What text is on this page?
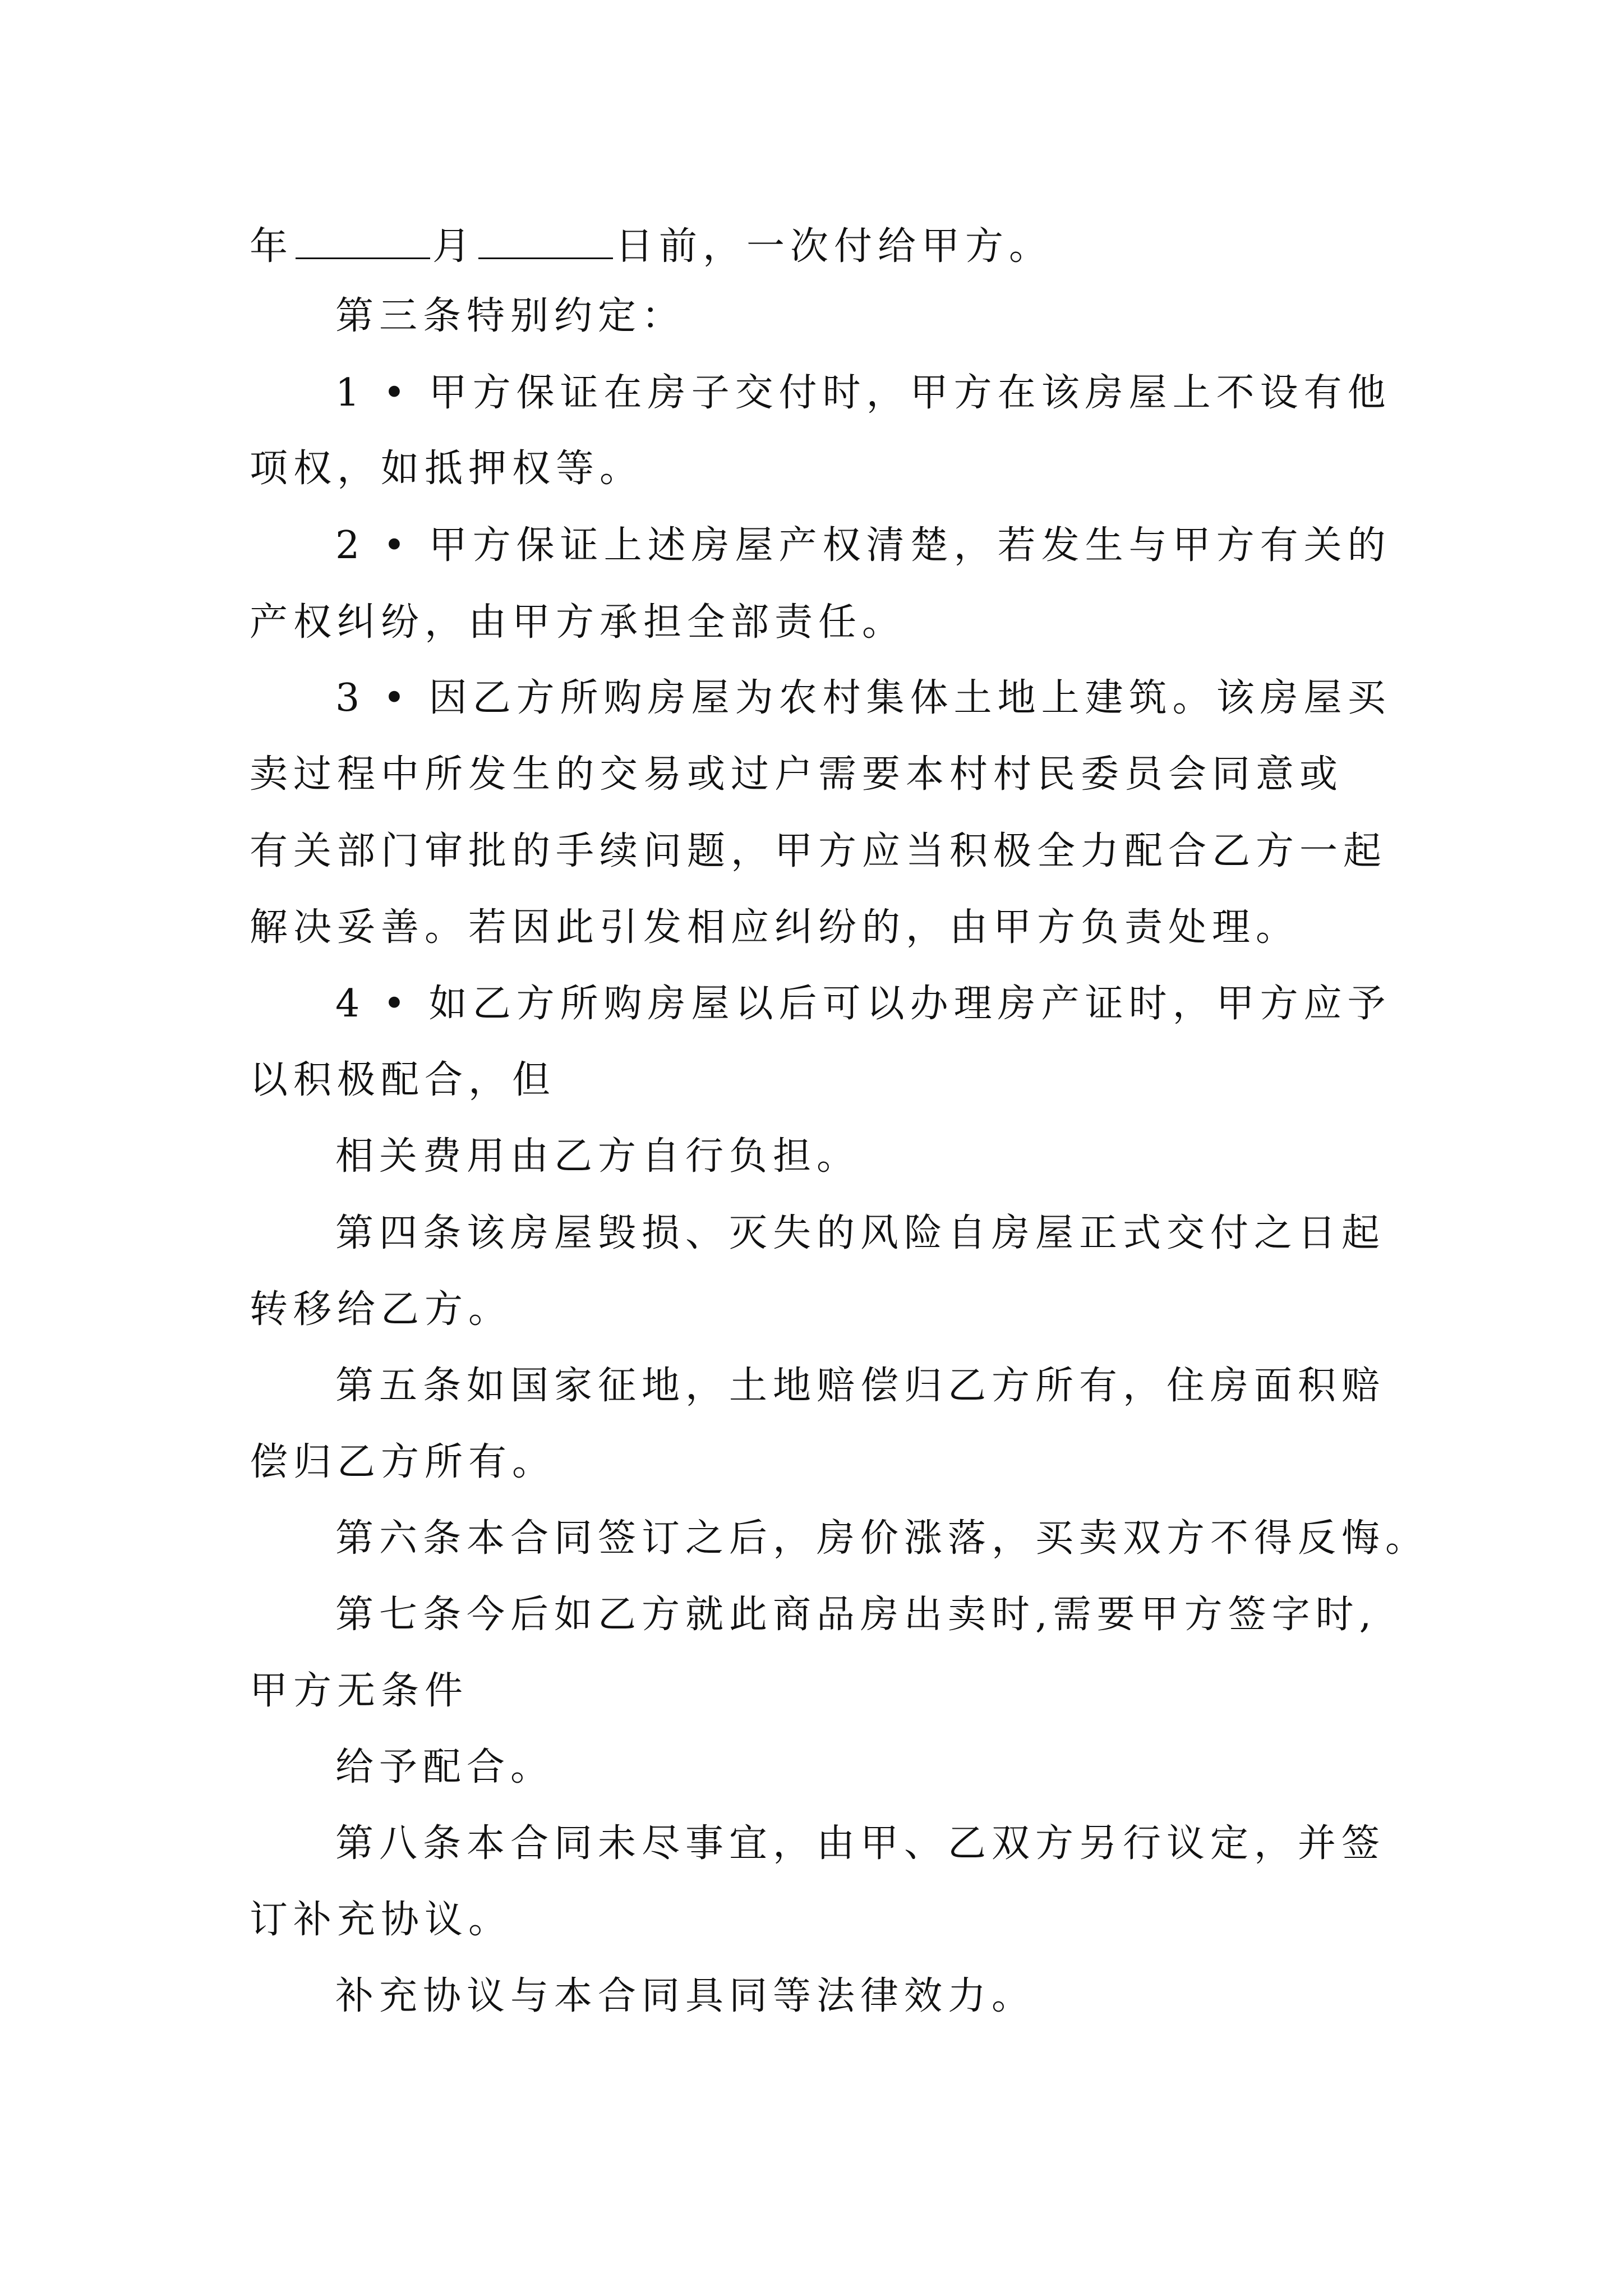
年	月	日前，一次付给甲方。
第三条特别约定：
1 • 甲方保证在房子交付时，甲方在该房屋上不设有他
项权，如抵押权等。
2 • 甲方保证上述房屋产权清楚，若发生与甲方有关的
产权纠纷，由甲方承担全部责任。
3 • 因乙方所购房屋为农村集体土地上建筑。该房屋买
卖过程中所发生的交易或过户需要本村村民委员会同意或
有关部门审批的手续问题，甲方应当积极全力配合乙方一起
解决妥善。若因此引发相应纠纷的，由甲方负责处理。
4 • 如乙方所购房屋以后可以办理房产证时，甲方应予
以积极配合，但
相关费用由乙方自行负担。
第四条该房屋毁损、灭失的风险自房屋正式交付之日起
转移给乙方。
第五条如国家征地，土地赔偿归乙方所有，住房面积赔
偿归乙方所有。
第六条本合同签订之后，房价涨落，买卖双方不得反悔。
第七条今后如乙方就此商品房出卖时,需要甲方签字时,
甲方无条件
给予配合。
第八条本合同未尽事宜，由甲、乙双方另行议定，并签
订补充协议。
补充协议与本合同具同等法律效力。
